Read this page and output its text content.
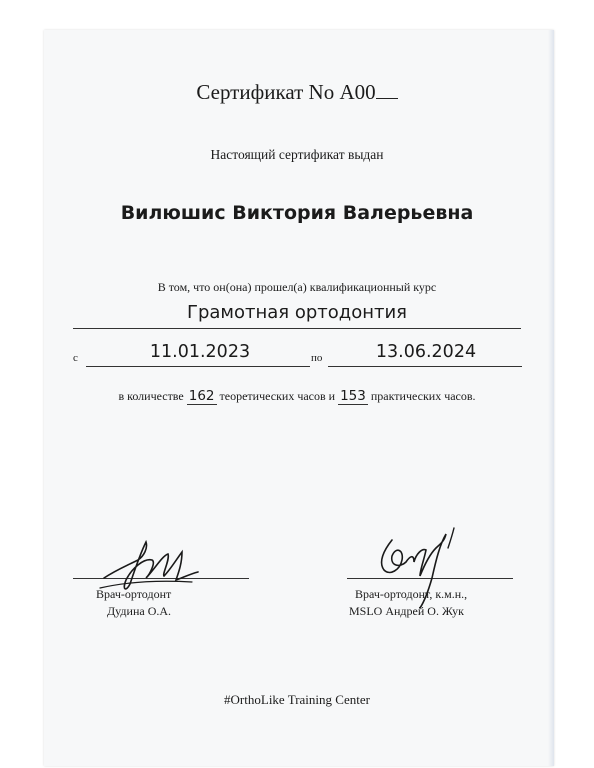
Сертификат No А00
Настоящий сертификат выдан
Вилюшис Виктория Валерьевна
В том, что он(она) прошел(а) квалификационный курс
Грамотная ортодонтия
с	11.01.2023	по	13.06.2024
в количестве 162 теоретических часов и 153 практических часов.
Врач-ортодонт
Дудина О.А.
Врач-ортодонт, к.м.н.,
MSLO Андрей О. Жук
#OrthoLike Training Center
